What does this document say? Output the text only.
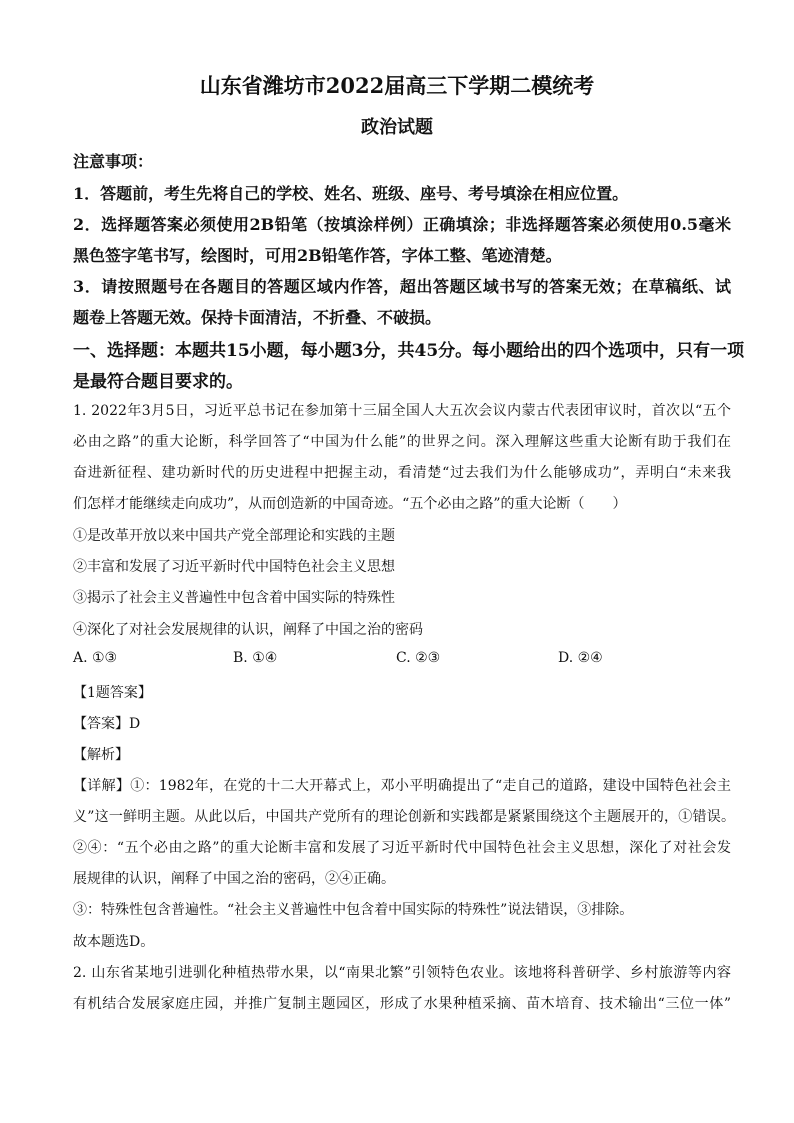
山东省潍坊市2022届高三下学期二模统考
政治试题
注意事项：
1．答题前，考生先将自己的学校、姓名、班级、座号、考号填涂在相应位置。
2．选择题答案必须使用2B铅笔（按填涂样例）正确填涂；非选择题答案必须使用0.5毫米
黑色签字笔书写，绘图时，可用2B铅笔作答，字体工整、笔迹清楚。
3．请按照题号在各题目的答题区域内作答，超出答题区域书写的答案无效；在草稿纸、试
题卷上答题无效。保持卡面清洁，不折叠、不破损。
一、选择题：本题共15小题，每小题3分，共45分。每小题给出的四个选项中，只有一项
是最符合题目要求的。
1. 2022年3月5日，习近平总书记在参加第十三届全国人大五次会议内蒙古代表团审议时，首次以“五个
必由之路”的重大论断，科学回答了“中国为什么能”的世界之问。深入理解这些重大论断有助于我们在
奋进新征程、建功新时代的历史进程中把握主动，看清楚“过去我们为什么能够成功”，弄明白“未来我
们怎样才能继续走向成功”，从而创造新的中国奇迹。“五个必由之路”的重大论断（　　）
①是改革开放以来中国共产党全部理论和实践的主题
②丰富和发展了习近平新时代中国特色社会主义思想
③揭示了社会主义普遍性中包含着中国实际的特殊性
④深化了对社会发展规律的认识，阐释了中国之治的密码
A. ①③	B. ①④	C. ②③	D. ②④
【1题答案】
【答案】D
【解析】
【详解】①：1982年，在党的十二大开幕式上，邓小平明确提出了“走自己的道路，建设中国特色社会主
义”这一鲜明主题。从此以后，中国共产党所有的理论创新和实践都是紧紧围绕这个主题展开的，①错误。
②④：“五个必由之路”的重大论断丰富和发展了习近平新时代中国特色社会主义思想，深化了对社会发
展规律的认识，阐释了中国之治的密码，②④正确。
③：特殊性包含普遍性。“社会主义普遍性中包含着中国实际的特殊性”说法错误，③排除。
故本题选D。
2. 山东省某地引进驯化种植热带水果，以“南果北繁”引领特色农业。该地将科普研学、乡村旅游等内容
有机结合发展家庭庄园，并推广复制主题园区，形成了水果种植采摘、苗木培育、技术输出“三位一体”
